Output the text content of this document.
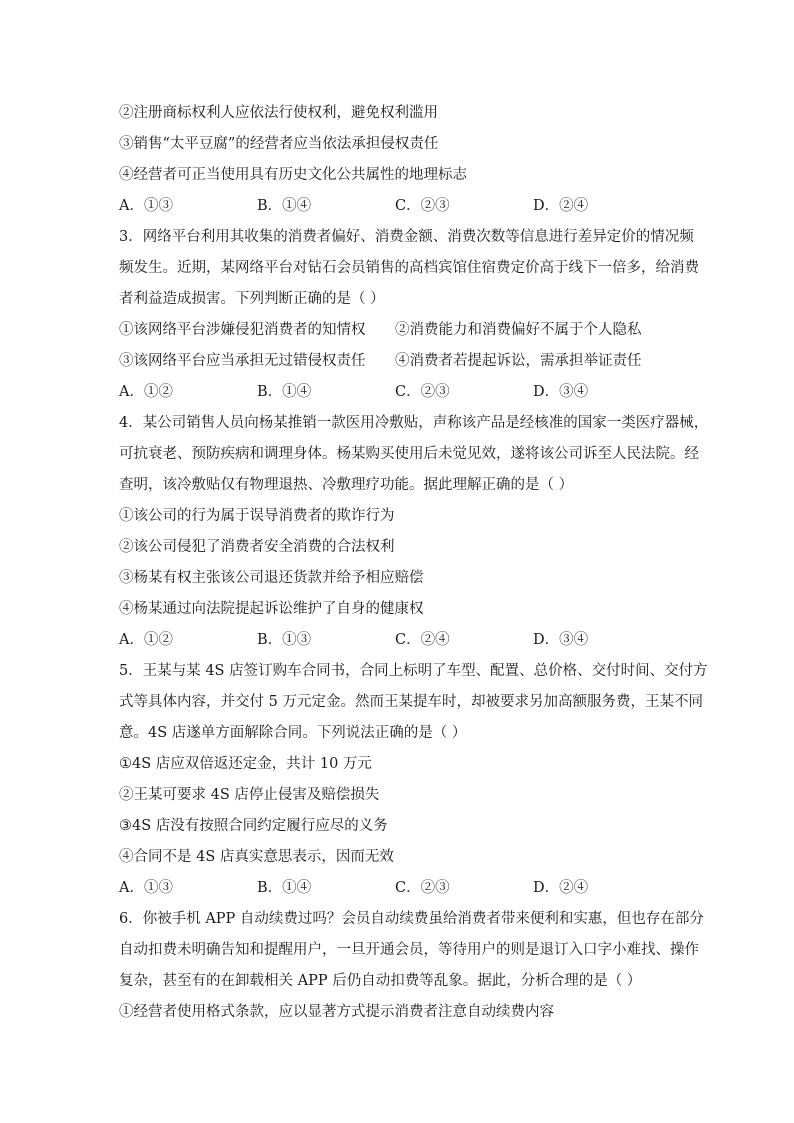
②注册商标权利人应依法行使权利，避免权利滥用
③销售“太平豆腐”的经营者应当依法承担侵权责任
④经营者可正当使用具有历史文化公共属性的地理标志
A．①③	B．①④	C．②③	D．②④
3．网络平台利用其收集的消费者偏好、消费金额、消费次数等信息进行差异定价的情况频
频发生。近期，某网络平台对钻石会员销售的高档宾馆住宿费定价高于线下一倍多，给消费
者利益造成损害。下列判断正确的是（ ）
①该网络平台涉嫌侵犯消费者的知情权	②消费能力和消费偏好不属于个人隐私
③该网络平台应当承担无过错侵权责任	④消费者若提起诉讼，需承担举证责任
A．①②	B．①④	C．②③	D．③④
4．某公司销售人员向杨某推销一款医用冷敷贴，声称该产品是经核准的国家一类医疗器械，
可抗衰老、预防疾病和调理身体。杨某购买使用后未觉见效，遂将该公司诉至人民法院。经
查明，该冷敷贴仅有物理退热、冷敷理疗功能。据此理解正确的是（ ）
①该公司的行为属于误导消费者的欺诈行为
②该公司侵犯了消费者安全消费的合法权利
③杨某有权主张该公司退还货款并给予相应赔偿
④杨某通过向法院提起诉讼维护了自身的健康权
A．①②	B．①③	C．②④	D．③④
5．王某与某 4S 店签订购车合同书，合同上标明了车型、配置、总价格、交付时间、交付方
式等具体内容，并交付 5 万元定金。然而王某提车时，却被要求另加高额服务费，王某不同
意。4S 店遂单方面解除合同。下列说法正确的是（ ）
①4S 店应双倍返还定金，共计 10 万元
②王某可要求 4S 店停止侵害及赔偿损失
③4S 店没有按照合同约定履行应尽的义务
④合同不是 4S 店真实意思表示，因而无效
A．①③	B．①④	C．②③	D．②④
6．你被手机 APP 自动续费过吗？会员自动续费虽给消费者带来便利和实惠，但也存在部分
自动扣费未明确告知和提醒用户，一旦开通会员，等待用户的则是退订入口字小难找、操作
复杂，甚至有的在卸载相关 APP 后仍自动扣费等乱象。据此，分析合理的是（ ）
①经营者使用格式条款，应以显著方式提示消费者注意自动续费内容
